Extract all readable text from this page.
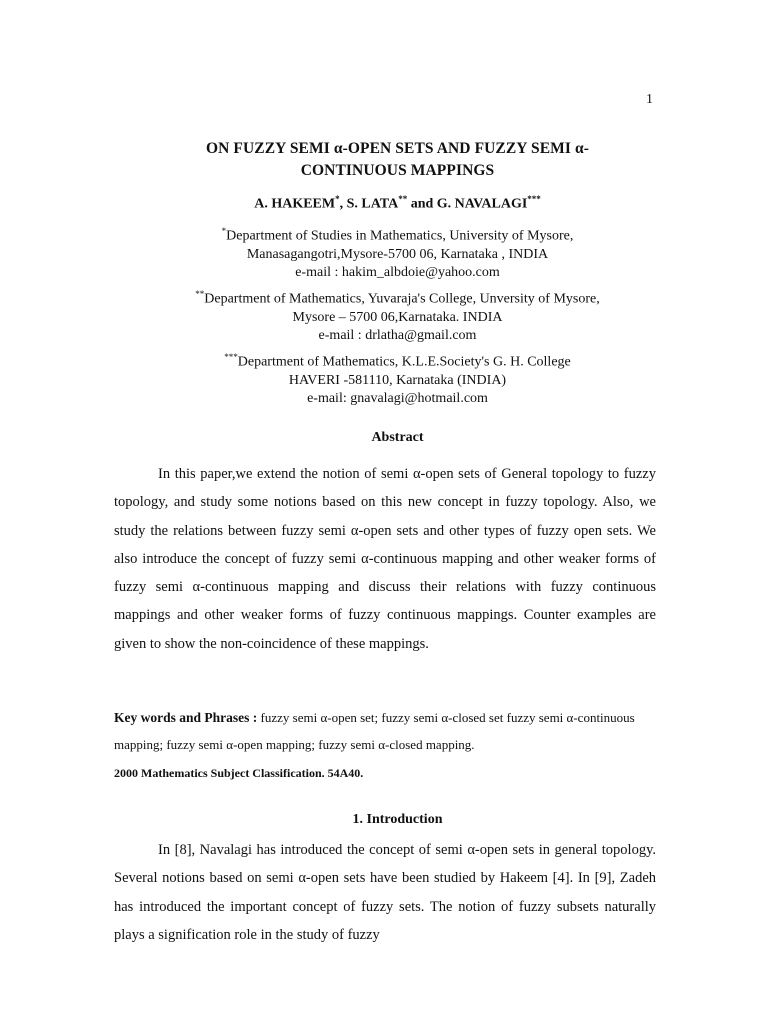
1
ON FUZZY SEMI α-OPEN SETS AND FUZZY SEMI α-
CONTINUOUS MAPPINGS
A. HAKEEM*, S. LATA** and G. NAVALAGI***
*Department of Studies in Mathematics, University of Mysore,
Manasagangotri,Mysore-5700 06, Karnataka , INDIA
e-mail : hakim_albdoie@yahoo.com
**Department of Mathematics, Yuvaraja's College, Unversity of Mysore,
Mysore – 5700 06,Karnataka. INDIA
e-mail : drlatha@gmail.com
***Department of Mathematics, K.L.E.Society's G. H. College
HAVERI -581110, Karnataka (INDIA)
e-mail: gnavalagi@hotmail.com
Abstract
In this paper,we extend the notion of semi α-open sets of General topology to fuzzy topology, and study some notions based on this new concept in fuzzy topology. Also, we study the relations between fuzzy semi α-open sets and other types of fuzzy open sets. We also introduce the concept of fuzzy semi α-continuous mapping and other weaker forms of fuzzy semi α-continuous mapping and discuss their relations with fuzzy continuous mappings and other weaker forms of fuzzy continuous mappings. Counter examples are given to show the non-coincidence of these mappings.
Key words and Phrases : fuzzy semi α-open set; fuzzy semi α-closed set fuzzy semi α-continuous mapping; fuzzy semi α-open mapping; fuzzy semi α-closed mapping.
2000 Mathematics Subject Classification. 54A40.
1. Introduction
In [8], Navalagi has introduced the concept of semi α-open sets in general topology. Several notions based on semi α-open sets have been studied by Hakeem [4]. In [9], Zadeh has introduced the important concept of fuzzy sets. The notion of fuzzy subsets naturally plays a signification role in the study of fuzzy
